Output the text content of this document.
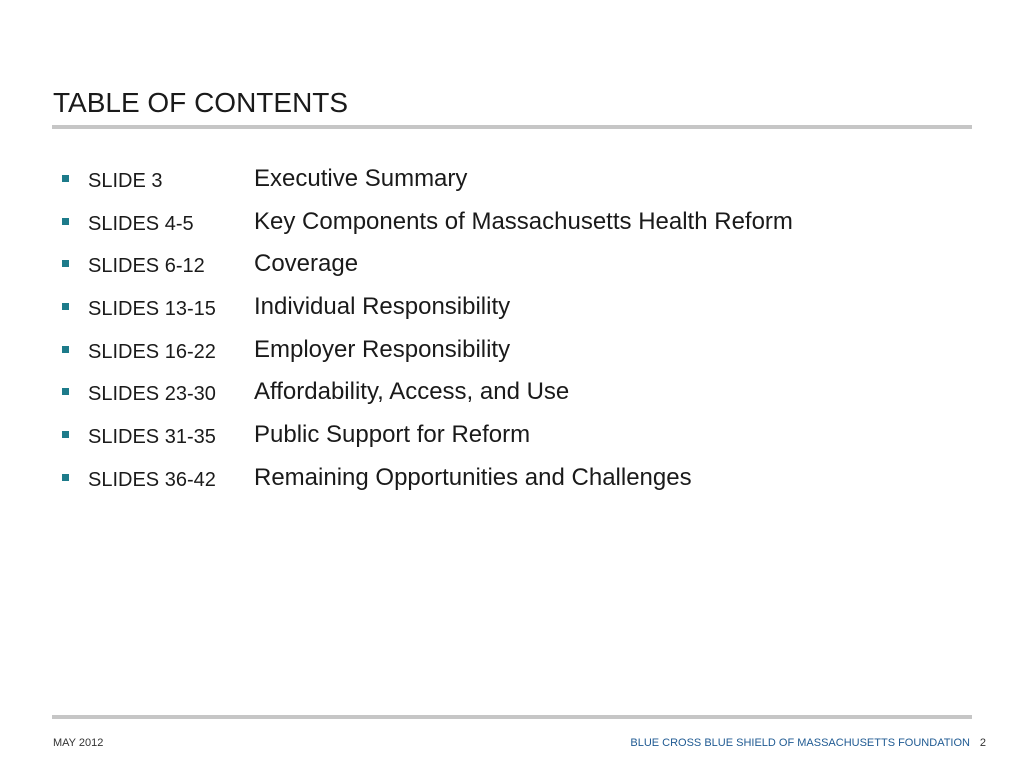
TABLE OF CONTENTS
SLIDE 3	Executive Summary
SLIDES 4-5	Key Components of Massachusetts Health Reform
SLIDES 6-12 Coverage
SLIDES 13-15 Individual Responsibility
SLIDES 16-22 Employer Responsibility
SLIDES 23-30 Affordability, Access, and Use
SLIDES 31-35 Public Support for Reform
SLIDES 36-42 Remaining Opportunities and Challenges
MAY 2012	BLUE CROSS BLUE SHIELD OF MASSACHUSETTS FOUNDATION 2
